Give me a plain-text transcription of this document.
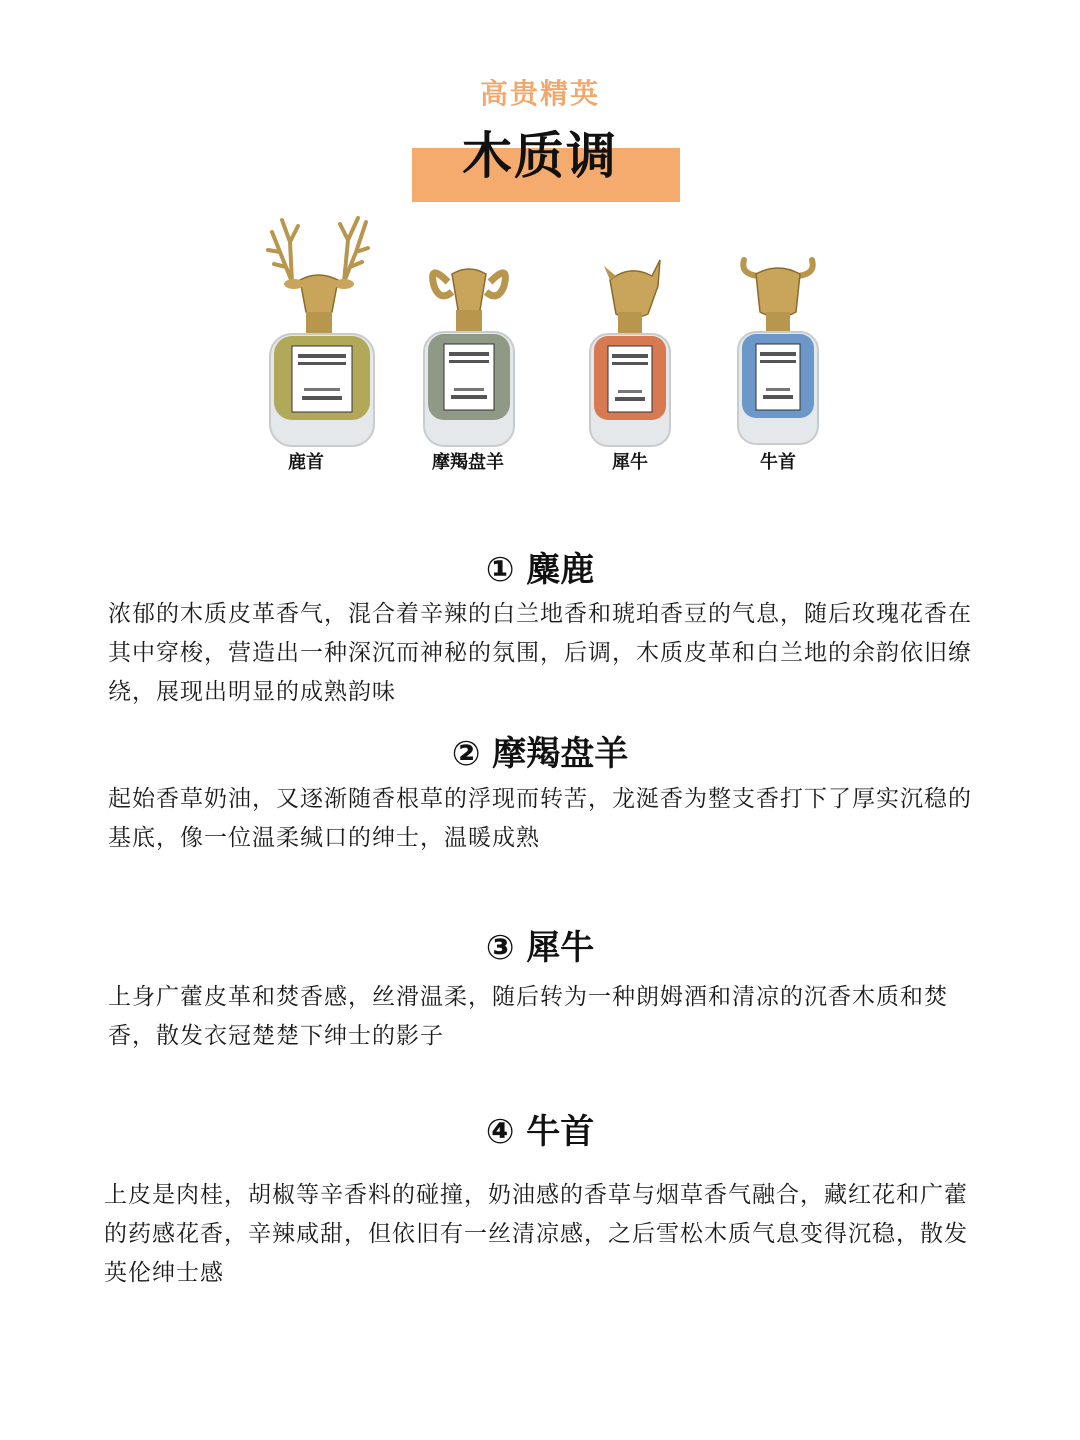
高贵精英
木质调
鹿首	摩羯盘羊	犀牛	牛首
① 麋鹿
浓郁的木质皮革香气，混合着辛辣的白兰地香和琥珀香豆的气息，随后玫瑰花香在其中穿梭，营造出一种深沉而神秘的氛围，后调，木质皮革和白兰地的余韵依旧缭绕，展现出明显的成熟韵味
② 摩羯盘羊
起始香草奶油，又逐渐随香根草的浮现而转苦，龙涎香为整支香打下了厚实沉稳的基底，像一位温柔缄口的绅士，温暖成熟
③ 犀牛
上身广藿皮革和焚香感，丝滑温柔，随后转为一种朗姆酒和清凉的沉香木质和焚香，散发衣冠楚楚下绅士的影子
④ 牛首
上皮是肉桂，胡椒等辛香料的碰撞，奶油感的香草与烟草香气融合，藏红花和广藿的药感花香，辛辣咸甜，但依旧有一丝清凉感，之后雪松木质气息变得沉稳，散发英伦绅士感
